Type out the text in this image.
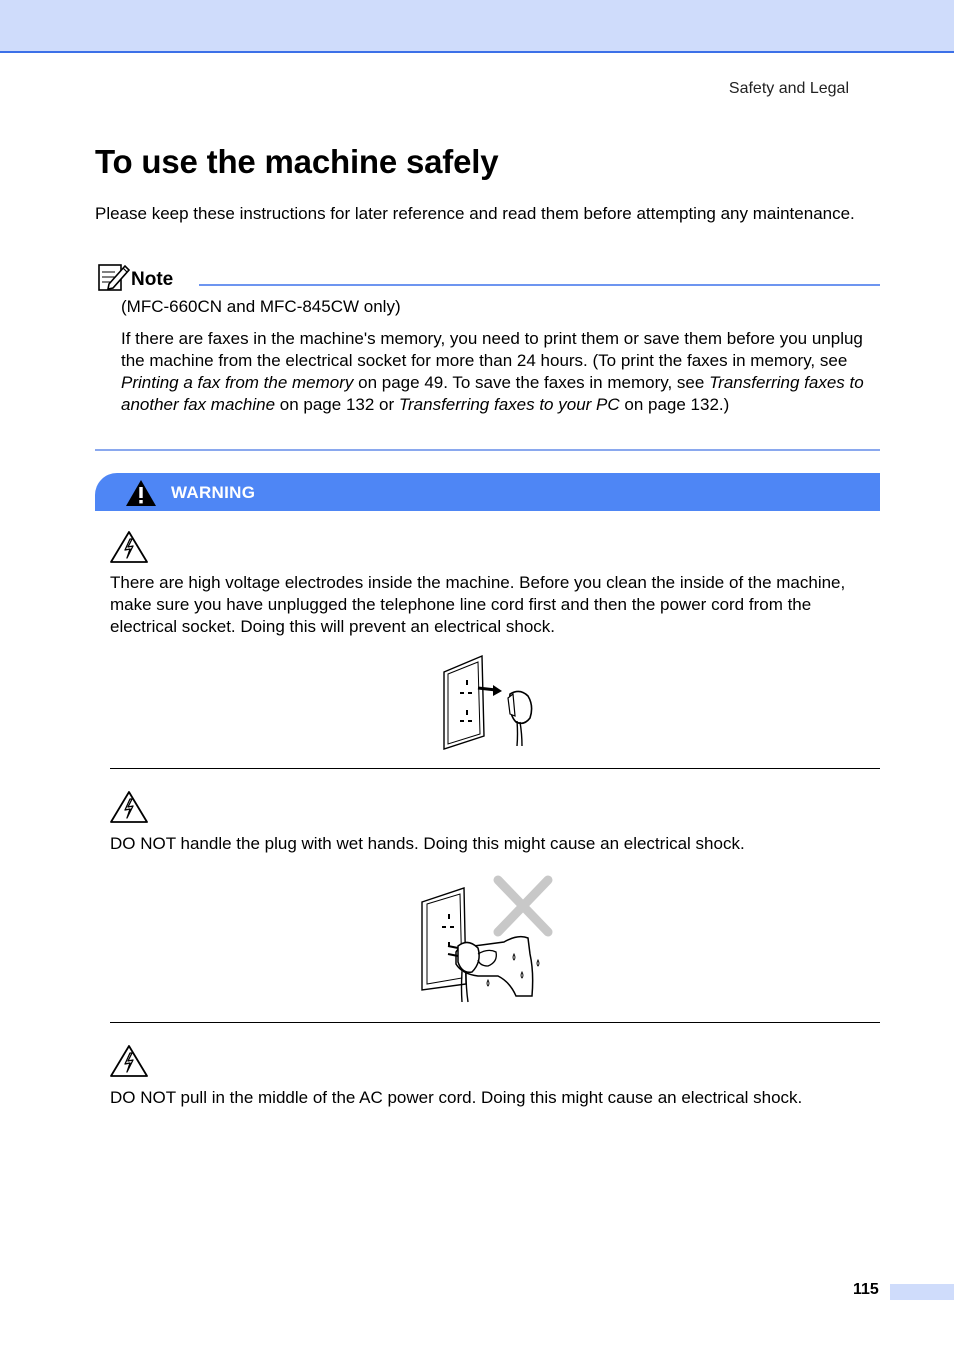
Safety and Legal
To use the machine safely

Please keep these instructions for later reference and read them before attempting any maintenance.

Note

(MFC-660CN and MFC-845CW only)

If there are faxes in the machine's memory, you need to print them or save them before you unplug the machine from the electrical socket for more than 24 hours. (To print the faxes in memory, see Printing a fax from the memory on page 49. To save the faxes in memory, see Transferring faxes to another fax machine on page 132 or Transferring faxes to your PC on page 132.)

WARNING

There are high voltage electrodes inside the machine. Before you clean the inside of the machine, make sure you have unplugged the telephone line cord first and then the power cord from the electrical socket. Doing this will prevent an electrical shock.

DO NOT handle the plug with wet hands. Doing this might cause an electrical shock.

DO NOT pull in the middle of the AC power cord. Doing this might cause an electrical shock.

115
